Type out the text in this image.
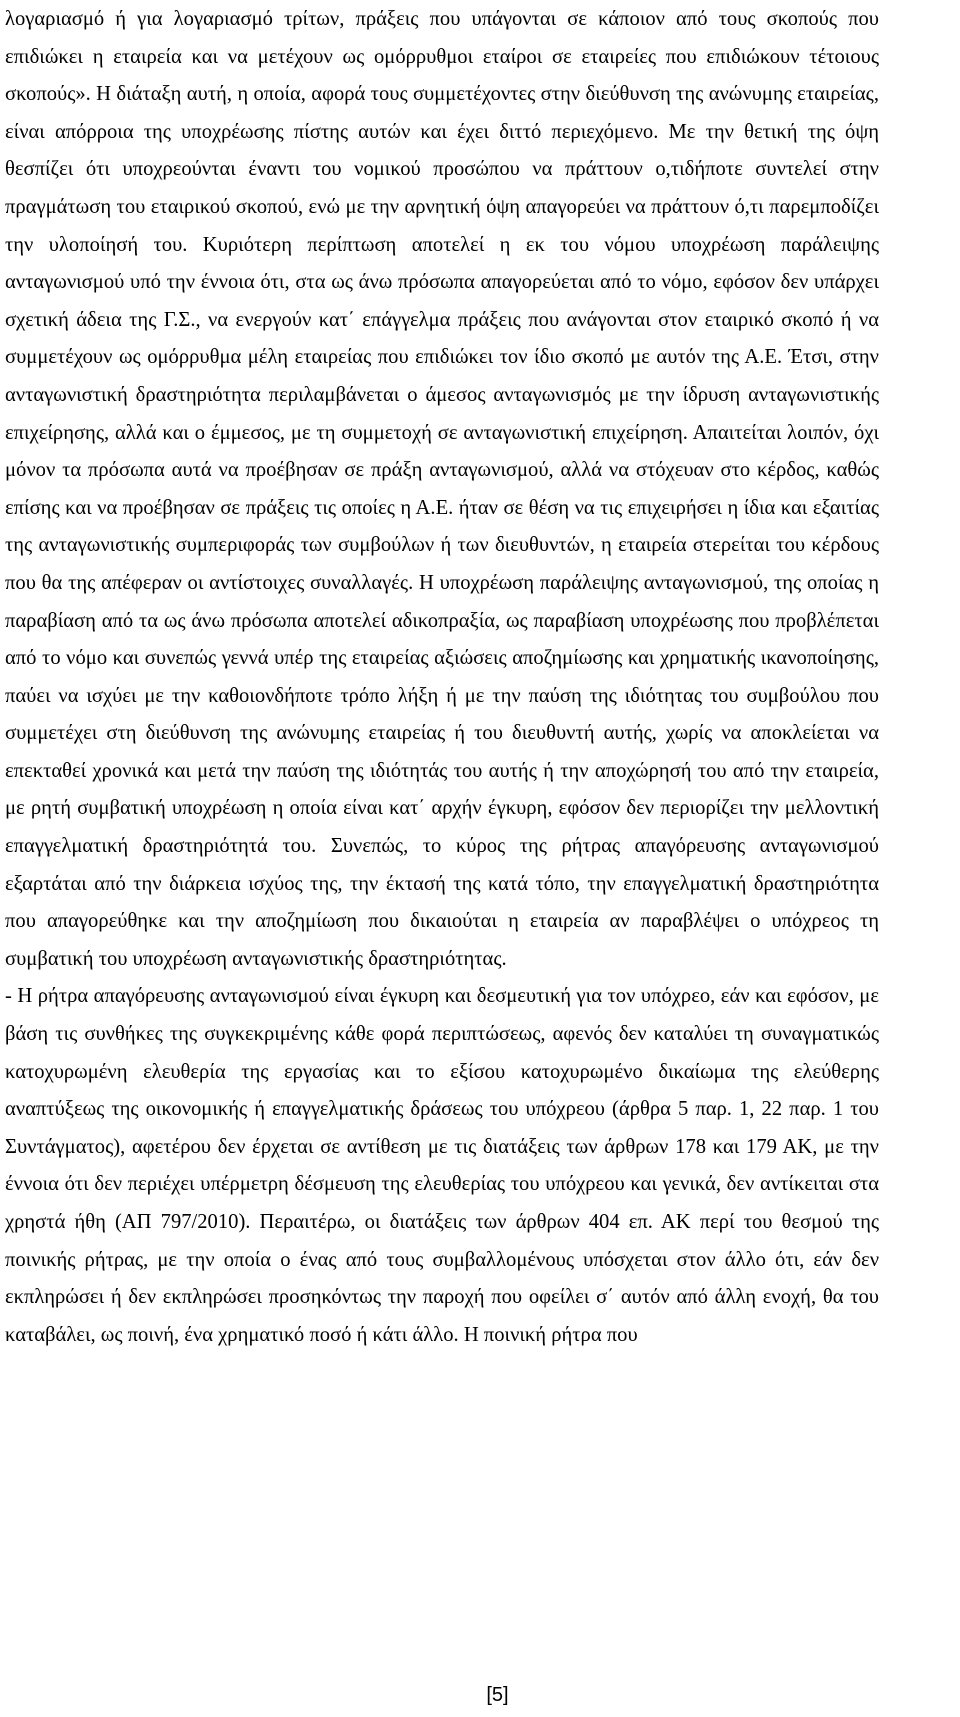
λογαριασμό ή για λογαριασμό τρίτων, πράξεις που υπάγονται σε κάποιον από τους σκοπούς που επιδιώκει η εταιρεία και να μετέχουν ως ομόρρυθμοι εταίροι σε εταιρείες που επιδιώκουν τέτοιους σκοπούς». Η διάταξη αυτή, η οποία, αφορά τους συμμετέχοντες στην διεύθυνση της ανώνυμης εταιρείας, είναι απόρροια της υποχρέωσης πίστης αυτών και έχει διττό περιεχόμενο. Με την θετική της όψη θεσπίζει ότι υποχρεούνται έναντι του νομικού προσώπου να πράττουν ο,τιδήποτε συντελεί στην πραγμάτωση του εταιρικού σκοπού, ενώ με την αρνητική όψη απαγορεύει να πράττουν ό,τι παρεμποδίζει την υλοποίησή του. Κυριότερη περίπτωση αποτελεί η εκ του νόμου υποχρέωση παράλειψης ανταγωνισμού υπό την έννοια ότι, στα ως άνω πρόσωπα απαγορεύεται από το νόμο, εφόσον δεν υπάρχει σχετική άδεια της Γ.Σ., να ενεργούν κατ΄ επάγγελμα πράξεις που ανάγονται στον εταιρικό σκοπό ή να συμμετέχουν ως ομόρρυθμα μέλη εταιρείας που επιδιώκει τον ίδιο σκοπό με αυτόν της Α.Ε. Έτσι, στην ανταγωνιστική δραστηριότητα περιλαμβάνεται ο άμεσος ανταγωνισμός με την ίδρυση ανταγωνιστικής επιχείρησης, αλλά και ο έμμεσος, με τη συμμετοχή σε ανταγωνιστική επιχείρηση. Απαιτείται λοιπόν, όχι μόνον τα πρόσωπα αυτά να προέβησαν σε πράξη ανταγωνισμού, αλλά να στόχευαν στο κέρδος, καθώς επίσης και να προέβησαν σε πράξεις τις οποίες η Α.Ε. ήταν σε θέση να τις επιχειρήσει η ίδια και εξαιτίας της ανταγωνιστικής συμπεριφοράς των συμβούλων ή των διευθυντών, η εταιρεία στερείται του κέρδους που θα της απέφεραν οι αντίστοιχες συναλλαγές. Η υποχρέωση παράλειψης ανταγωνισμού, της οποίας η παραβίαση από τα ως άνω πρόσωπα αποτελεί αδικοπραξία, ως παραβίαση υποχρέωσης που προβλέπεται από το νόμο και συνεπώς γεννά υπέρ της εταιρείας αξιώσεις αποζημίωσης και χρηματικής ικανοποίησης, παύει να ισχύει με την καθοιονδήποτε τρόπο λήξη ή με την παύση της ιδιότητας του συμβούλου που συμμετέχει στη διεύθυνση της ανώνυμης εταιρείας ή του διευθυντή αυτής, χωρίς να αποκλείεται να επεκταθεί χρονικά και μετά την παύση της ιδιότητάς του αυτής ή την αποχώρησή του από την εταιρεία, με ρητή συμβατική υποχρέωση η οποία είναι κατ΄ αρχήν έγκυρη, εφόσον δεν περιορίζει την μελλοντική επαγγελματική δραστηριότητά του. Συνεπώς, το κύρος της ρήτρας απαγόρευσης ανταγωνισμού εξαρτάται από την διάρκεια ισχύος της, την έκτασή της κατά τόπο, την επαγγελματική δραστηριότητα που απαγορεύθηκε και την αποζημίωση που δικαιούται η εταιρεία αν παραβλέψει ο υπόχρεος τη συμβατική του υποχρέωση ανταγωνιστικής δραστηριότητας.

- Η ρήτρα απαγόρευσης ανταγωνισμού είναι έγκυρη και δεσμευτική για τον υπόχρεο, εάν και εφόσον, με βάση τις συνθήκες της συγκεκριμένης κάθε φορά περιπτώσεως, αφενός δεν καταλύει τη συναγματικώς κατοχυρωμένη ελευθερία της εργασίας και το εξίσου κατοχυρωμένο δικαίωμα της ελεύθερης αναπτύξεως της οικονομικής ή επαγγελματικής δράσεως του υπόχρεου (άρθρα 5 παρ. 1, 22 παρ. 1 του Συντάγματος), αφετέρου δεν έρχεται σε αντίθεση με τις διατάξεις των άρθρων 178 και 179 ΑΚ, με την έννοια ότι δεν περιέχει υπέρμετρη δέσμευση της ελευθερίας του υπόχρεου και γενικά, δεν αντίκειται στα χρηστά ήθη (ΑΠ 797/2010). Περαιτέρω, οι διατάξεις των άρθρων 404 επ. ΑΚ περί του θεσμού της ποινικής ρήτρας, με την οποία ο ένας από τους συμβαλλομένους υπόσχεται στον άλλο ότι, εάν δεν εκπληρώσει ή δεν εκπληρώσει προσηκόντως την παροχή που οφείλει σ΄ αυτόν από άλλη ενοχή, θα του καταβάλει, ως ποινή, ένα χρηματικό ποσό ή κάτι άλλο. Η ποινική ρήτρα που

[5]
